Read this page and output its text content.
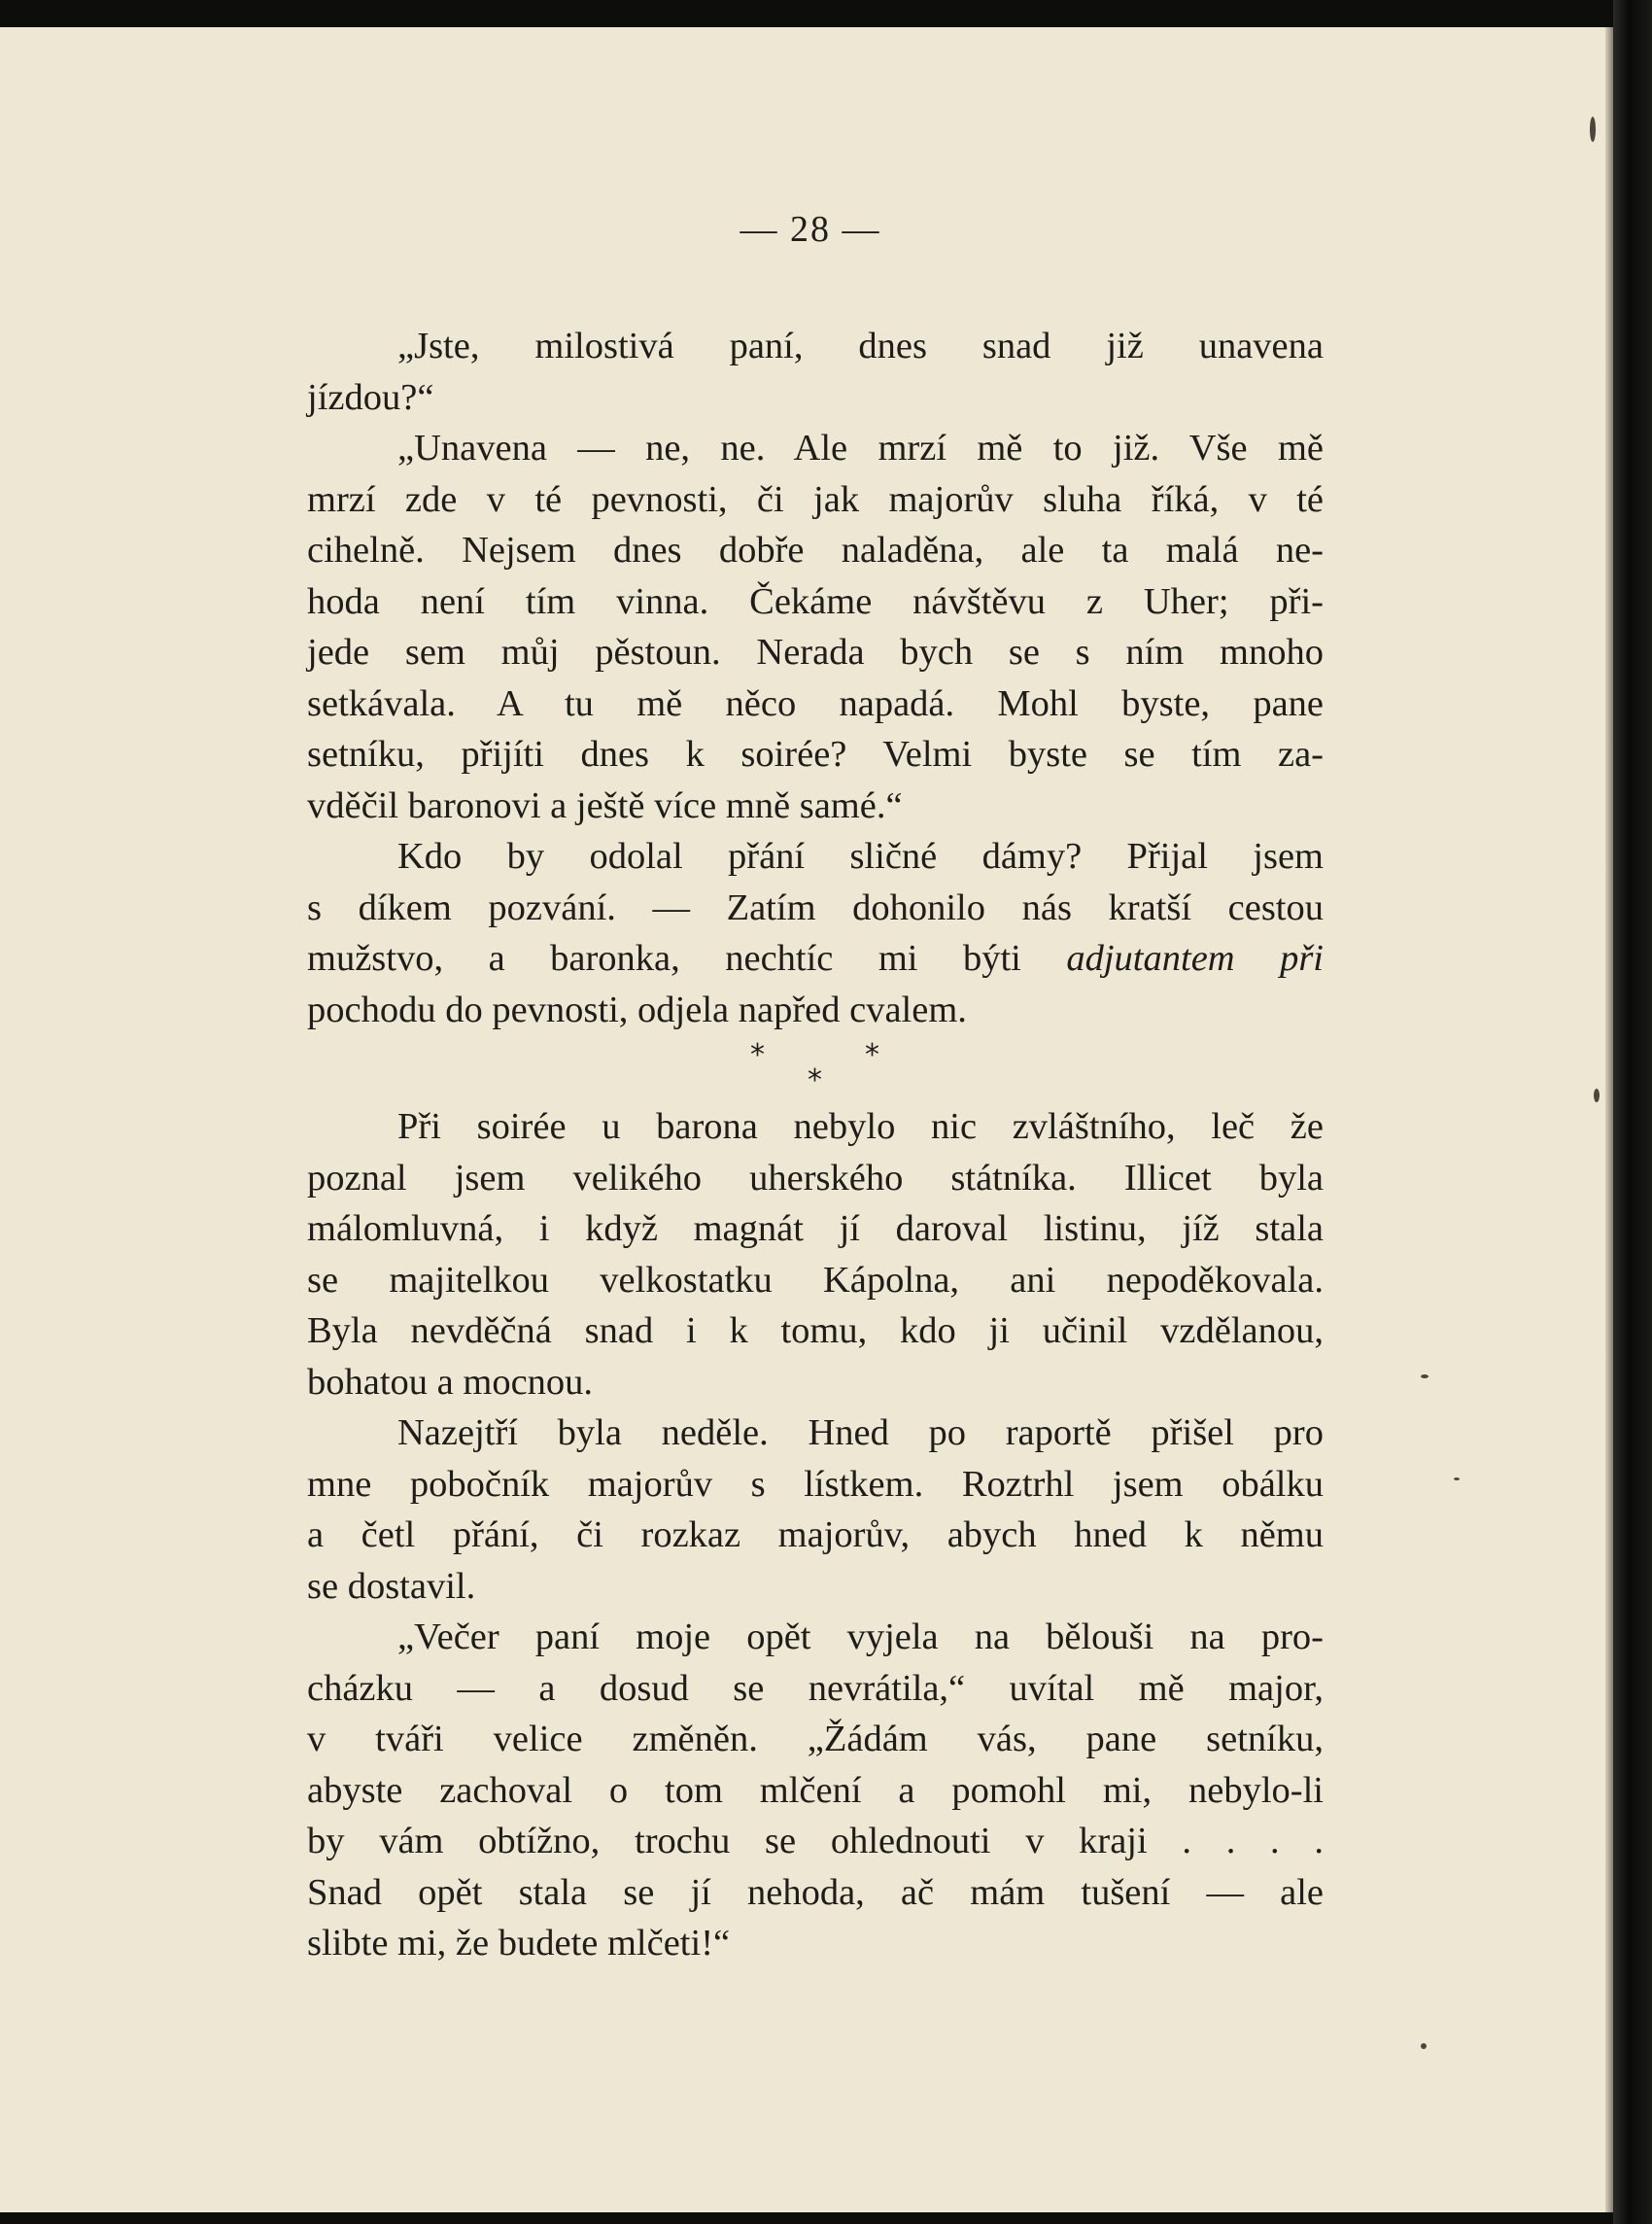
— 28 —

„Jste, milostivá paní, dnes snad již unavena
jízdou?“

„Unavena — ne, ne. Ale mrzí mě to již. Vše mě
mrzí zde v té pevnosti, či jak majorův sluha říká, v té
cihelně. Nejsem dnes dobře naladěna, ale ta malá ne-
hoda není tím vinna. Čekáme návštěvu z Uher; při-
jede sem můj pěstoun. Nerada bych se s ním mnoho
setkávala. A tu mě něco napadá. Mohl byste, pane
setníku, přijíti dnes k soirée? Velmi byste se tím za-
vděčil baronovi a ještě více mně samé.“

Kdo by odolal přání sličné dámy? Přijal jsem
s díkem pozvání. — Zatím dohonilo nás kratší cestou
mužstvo, a baronka, nechtíc mi býti adjutantem při
pochodu do pevnosti, odjela napřed cvalem.

*	*
*

Při soirée u barona nebylo nic zvláštního, leč že
poznal jsem velikého uherského státníka. Illicet byla
málomluvná, i když magnát jí daroval listinu, jíž stala
se majitelkou velkostatku Kápolna, ani nepoděkovala.
Byla nevděčná snad i k tomu, kdo ji učinil vzdělanou,
bohatou a mocnou.

Nazejtří byla neděle. Hned po raportě přišel pro
mne pobočník majorův s lístkem. Roztrhl jsem obálku
a četl přání, či rozkaz majorův, abych hned k němu
se dostavil.

„Večer paní moje opět vyjela na bělouši na pro-
cházku — a dosud se nevrátila,“ uvítal mě major,
v tváři velice změněn. „Žádám vás, pane setníku,
abyste zachoval o tom mlčení a pomohl mi, nebylo-li
by vám obtížno, trochu se ohlednouti v kraji . . . .
Snad opět stala se jí nehoda, ač mám tušení — ale
slibte mi, že budete mlčeti!“
